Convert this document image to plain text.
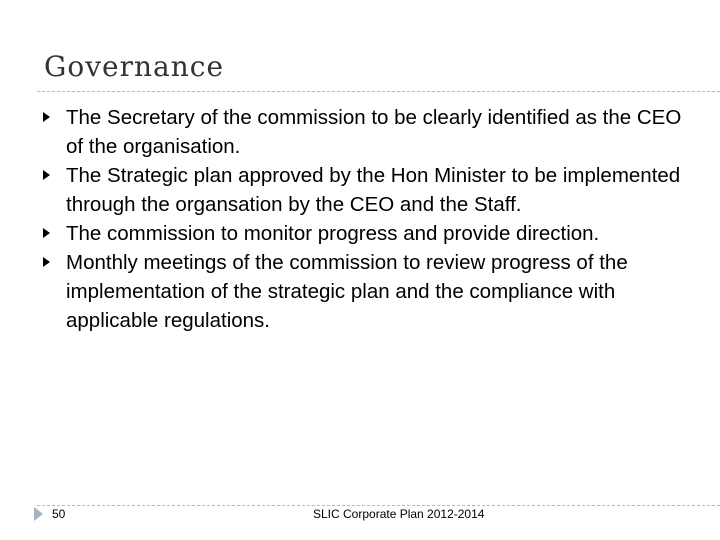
Governance
The Secretary of the commission to be clearly identified as the CEO of the organisation.
The Strategic plan approved by the Hon Minister to be implemented through the organsation by the CEO and the Staff.
The commission to monitor progress and provide direction.
Monthly meetings of the commission to review progress of the implementation of the strategic plan and the compliance with applicable regulations.
50	SLIC Corporate Plan 2012-2014
